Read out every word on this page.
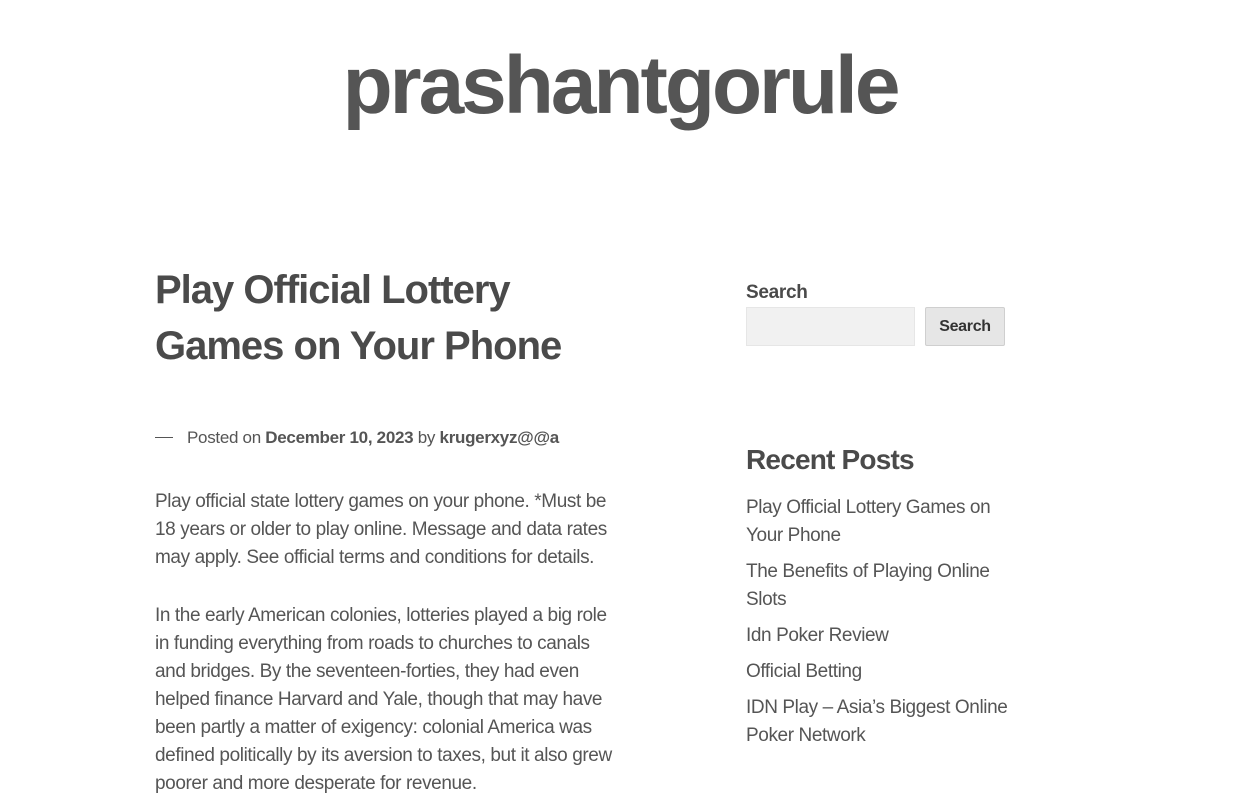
prashantgorule
Play Official Lottery Games on Your Phone
Posted on December 10, 2023 by krugerxyz@@a

Play official state lottery games on your phone. *Must be 18 years or older to play online. Message and data rates may apply. See official terms and conditions for details.

In the early American colonies, lotteries played a big role in funding everything from roads to churches to canals and bridges. By the seventeen-forties, they had even helped finance Harvard and Yale, though that may have been partly a matter of exigency: colonial America was defined politically by its aversion to taxes, but it also grew poorer and more desperate for revenue.

Search
Search
Recent Posts
Play Official Lottery Games on Your Phone
The Benefits of Playing Online Slots
Idn Poker Review
Official Betting
IDN Play – Asia’s Biggest Online Poker Network
